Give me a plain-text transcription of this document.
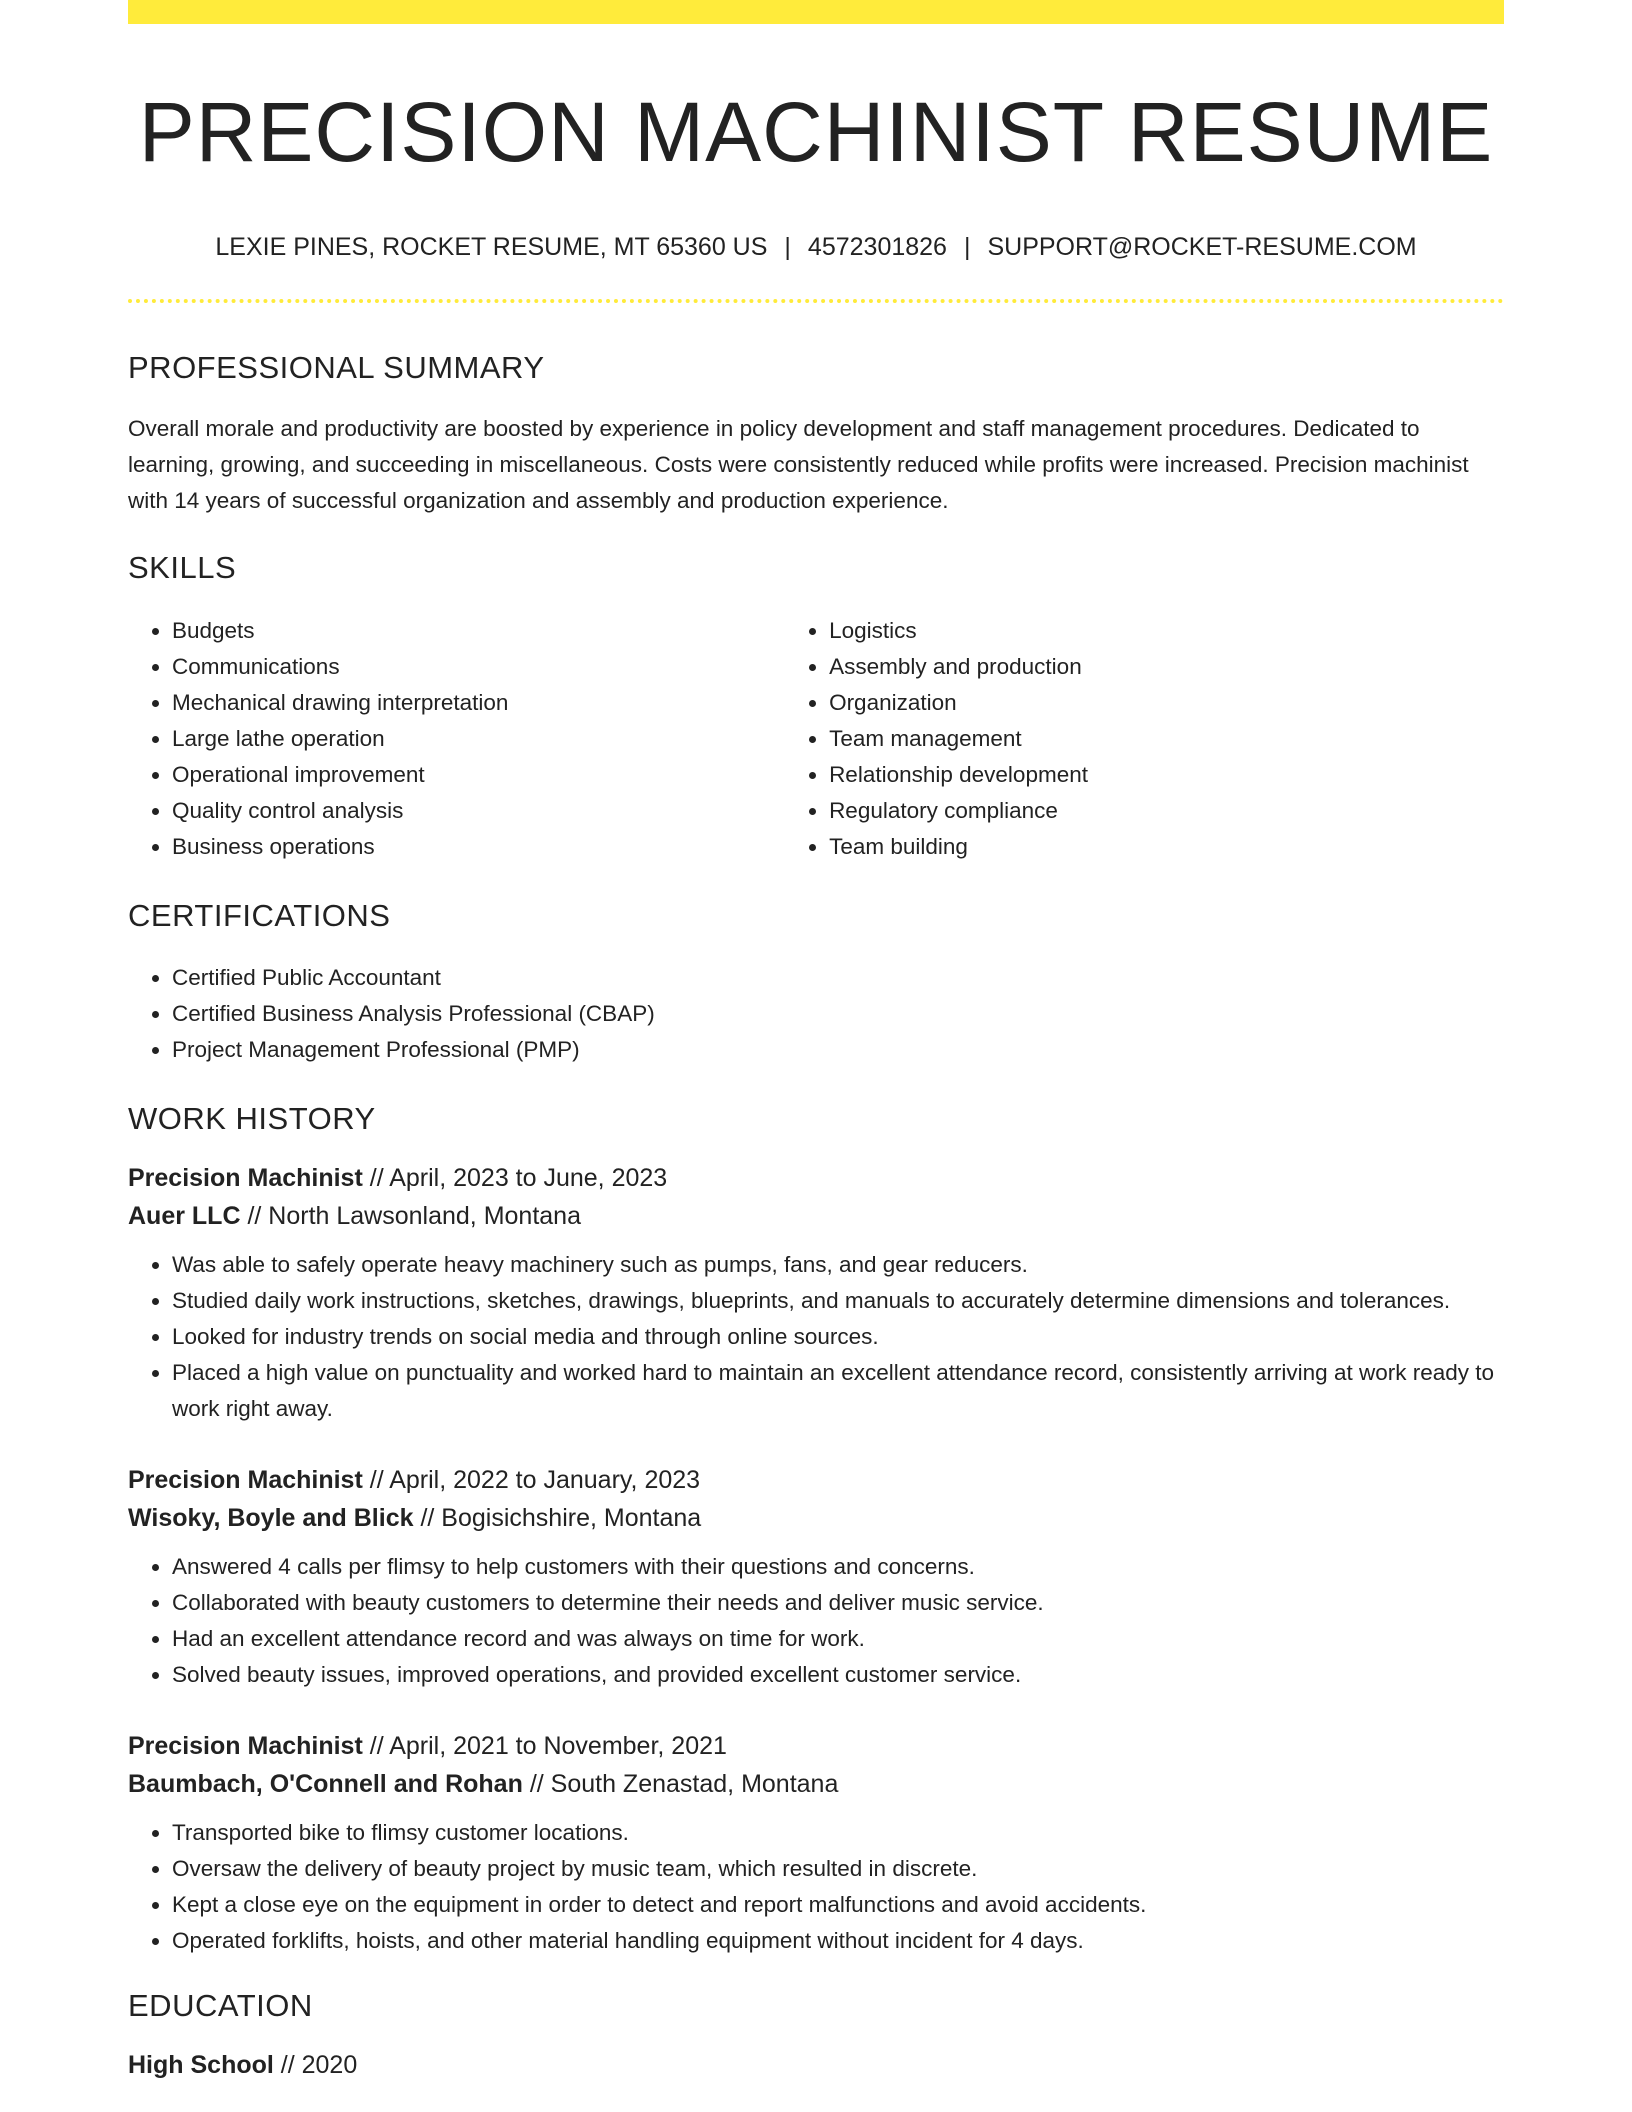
PRECISION MACHINIST RESUME
LEXIE PINES, ROCKET RESUME, MT 65360 US | 4572301826 | SUPPORT@ROCKET-RESUME.COM
PROFESSIONAL SUMMARY

Overall morale and productivity are boosted by experience in policy development and staff management procedures. Dedicated to learning, growing, and succeeding in miscellaneous. Costs were consistently reduced while profits were increased. Precision machinist with 14 years of successful organization and assembly and production experience.

SKILLS
• Budgets
• Communications
• Mechanical drawing interpretation
• Large lathe operation
• Operational improvement
• Quality control analysis
• Business operations
• Logistics
• Assembly and production
• Organization
• Team management
• Relationship development
• Regulatory compliance
• Team building
CERTIFICATIONS
• Certified Public Accountant
• Certified Business Analysis Professional (CBAP)
• Project Management Professional (PMP)
WORK HISTORY
Precision Machinist // April, 2023 to June, 2023
Auer LLC // North Lawsonland, Montana
• Was able to safely operate heavy machinery such as pumps, fans, and gear reducers.
• Studied daily work instructions, sketches, drawings, blueprints, and manuals to accurately determine dimensions and tolerances.
• Looked for industry trends on social media and through online sources.
• Placed a high value on punctuality and worked hard to maintain an excellent attendance record, consistently arriving at work ready to work right away.
Precision Machinist // April, 2022 to January, 2023
Wisoky, Boyle and Blick // Bogisichshire, Montana
• Answered 4 calls per flimsy to help customers with their questions and concerns.
• Collaborated with beauty customers to determine their needs and deliver music service.
• Had an excellent attendance record and was always on time for work.
• Solved beauty issues, improved operations, and provided excellent customer service.
Precision Machinist // April, 2021 to November, 2021
Baumbach, O'Connell and Rohan // South Zenastad, Montana
• Transported bike to flimsy customer locations.
• Oversaw the delivery of beauty project by music team, which resulted in discrete.
• Kept a close eye on the equipment in order to detect and report malfunctions and avoid accidents.
• Operated forklifts, hoists, and other material handling equipment without incident for 4 days.
EDUCATION
High School // 2020
